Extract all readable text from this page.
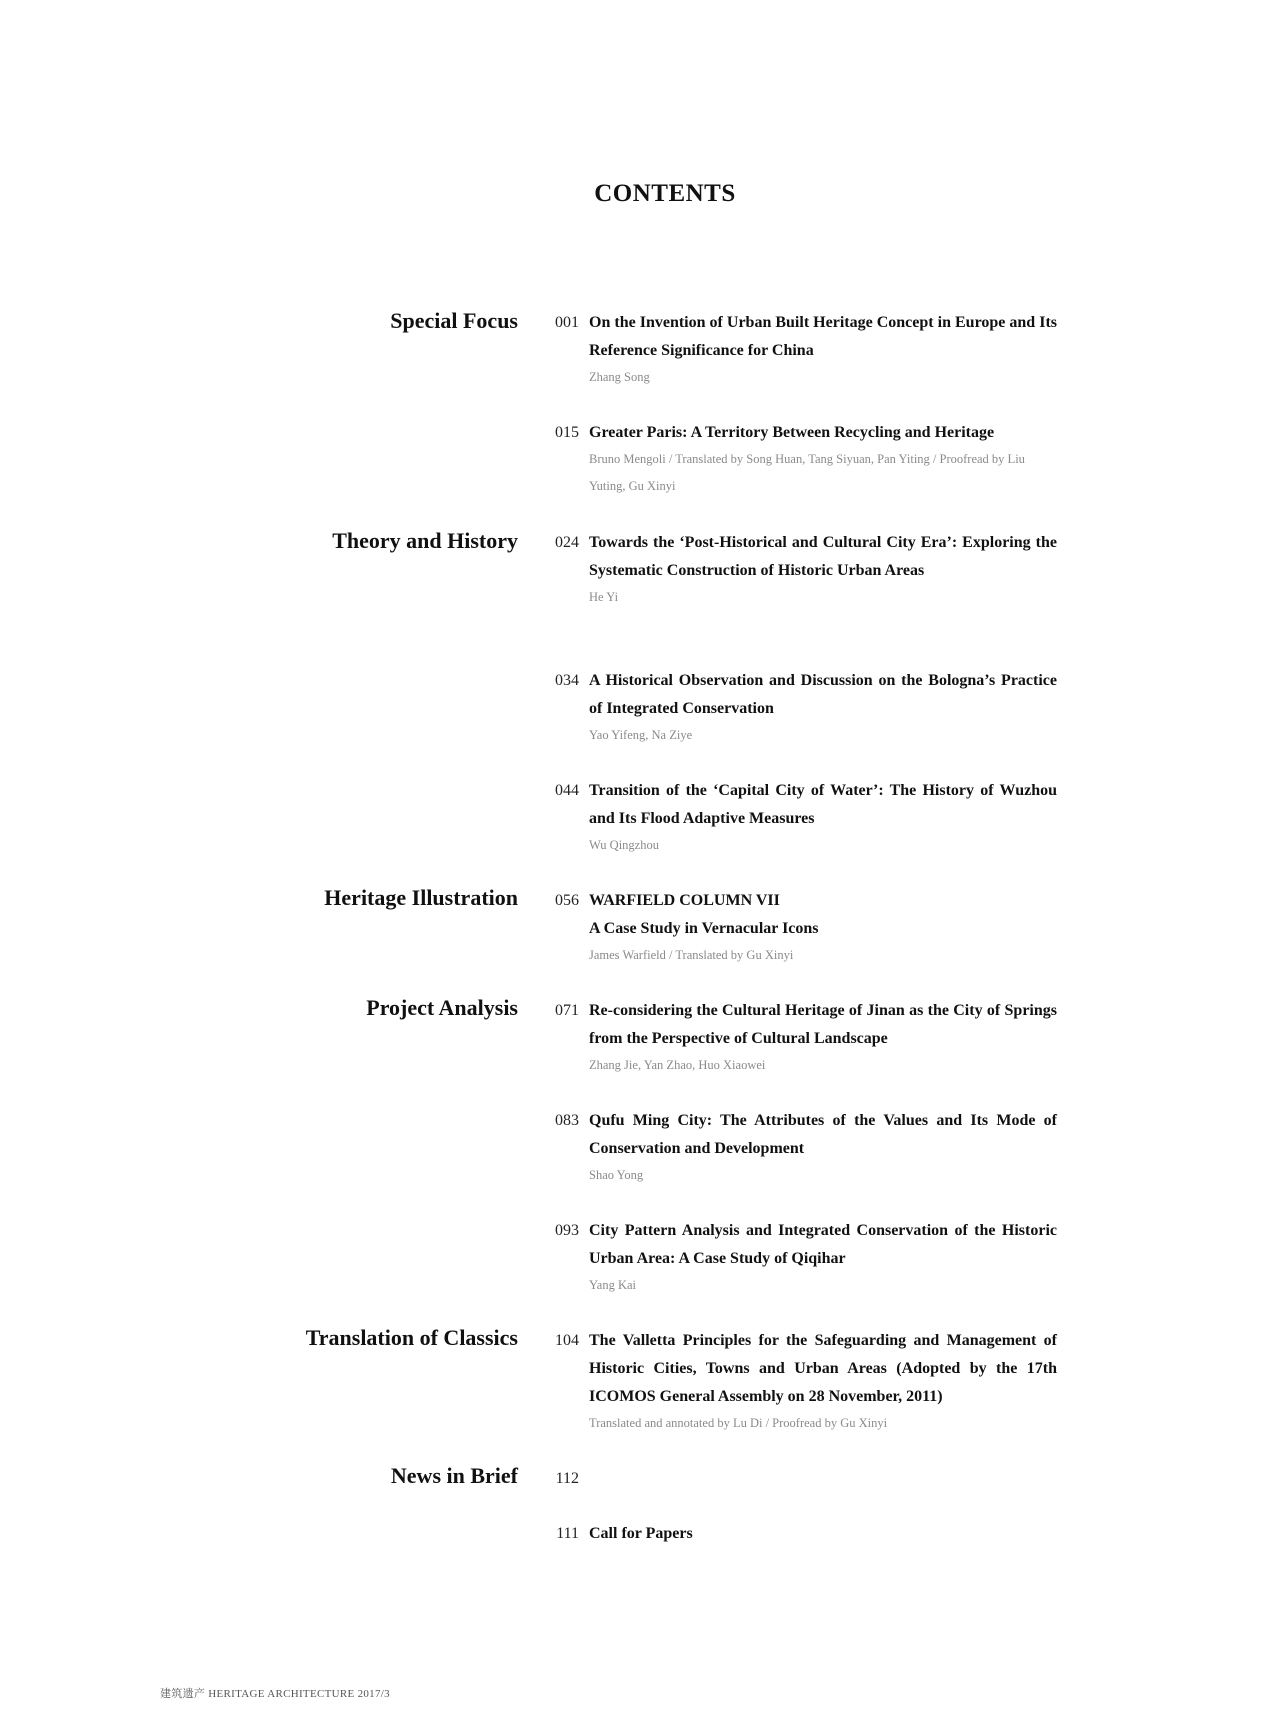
CONTENTS
Special Focus
Theory and History
Heritage Illustration
Project Analysis
Translation of Classics
News in Brief
001 On the Invention of Urban Built Heritage Concept in Europe and Its Reference Significance for China
Zhang Song
015 Greater Paris: A Territory Between Recycling and Heritage
Bruno Mengoli / Translated by Song Huan, Tang Siyuan, Pan Yiting / Proofread by Liu Yuting, Gu Xinyi
024 Towards the ‘Post-Historical and Cultural City Era’: Exploring the Systematic Construction of Historic Urban Areas
He Yi
034 A Historical Observation and Discussion on the Bologna’s Practice of Integrated Conservation
Yao Yifeng, Na Ziye
044 Transition of the ‘Capital City of Water’: The History of Wuzhou and Its Flood Adaptive Measures
Wu Qingzhou
056 WARFIELD COLUMN VII
A Case Study in Vernacular Icons
James Warfield / Translated by Gu Xinyi
071 Re-considering the Cultural Heritage of Jinan as the City of Springs from the Perspective of Cultural Landscape
Zhang Jie, Yan Zhao, Huo Xiaowei
083 Qufu Ming City: The Attributes of the Values and Its Mode of Conservation and Development
Shao Yong
093 City Pattern Analysis and Integrated Conservation of the Historic Urban Area: A Case Study of Qiqihar
Yang Kai
104 The Valletta Principles for the Safeguarding and Management of Historic Cities, Towns and Urban Areas (Adopted by the 17th ICOMOS General Assembly on 28 November, 2011)
Translated and annotated by Lu Di / Proofread by Gu Xinyi
112
111 Call for Papers
建筑遗产 HERITAGE ARCHITECTURE 2017/3
